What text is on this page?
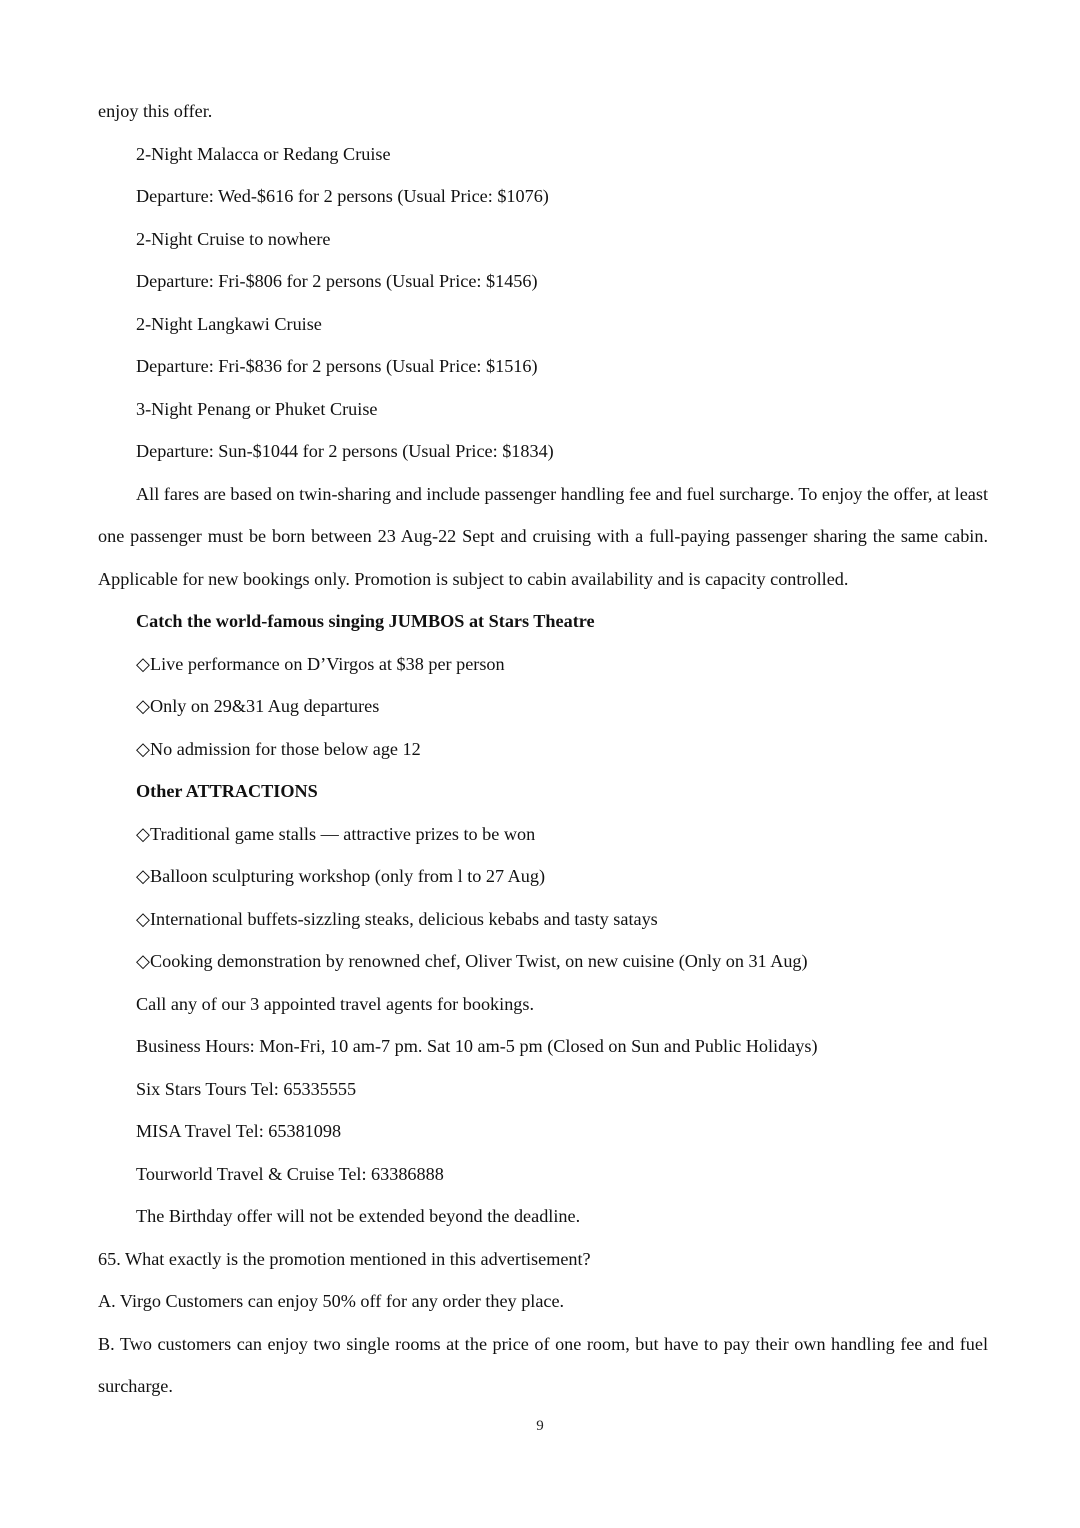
enjoy this offer.
2-Night Malacca or Redang Cruise
Departure: Wed-$616 for 2 persons (Usual Price: $1076)
2-Night Cruise to nowhere
Departure: Fri-$806 for 2 persons (Usual Price: $1456)
2-Night Langkawi Cruise
Departure: Fri-$836 for 2 persons (Usual Price: $1516)
3-Night Penang or Phuket Cruise
Departure: Sun-$1044 for 2 persons (Usual Price: $1834)
All fares are based on twin-sharing and include passenger handling fee and fuel surcharge. To enjoy the offer, at least one passenger must be born between 23 Aug-22 Sept and cruising with a full-paying passenger sharing the same cabin. Applicable for new bookings only. Promotion is subject to cabin availability and is capacity controlled.
Catch the world-famous singing JUMBOS at Stars Theatre
◇Live performance on D’Virgos at $38 per person
◇Only on 29&31 Aug departures
◇No admission for those below age 12
Other ATTRACTIONS
◇Traditional game stalls — attractive prizes to be won
◇Balloon sculpturing workshop (only from l to 27 Aug)
◇International buffets-sizzling steaks, delicious kebabs and tasty satays
◇Cooking demonstration by renowned chef, Oliver Twist, on new cuisine (Only on 31 Aug)
Call any of our 3 appointed travel agents for bookings.
Business Hours: Mon-Fri, 10 am-7 pm. Sat 10 am-5 pm (Closed on Sun and Public Holidays)
Six Stars Tours Tel: 65335555
MISA Travel Tel: 65381098
Tourworld Travel & Cruise Tel: 63386888
The Birthday offer will not be extended beyond the deadline.
65. What exactly is the promotion mentioned in this advertisement?
A. Virgo Customers can enjoy 50% off for any order they place.
B. Two customers can enjoy two single rooms at the price of one room, but have to pay their own handling fee and fuel surcharge.
9
